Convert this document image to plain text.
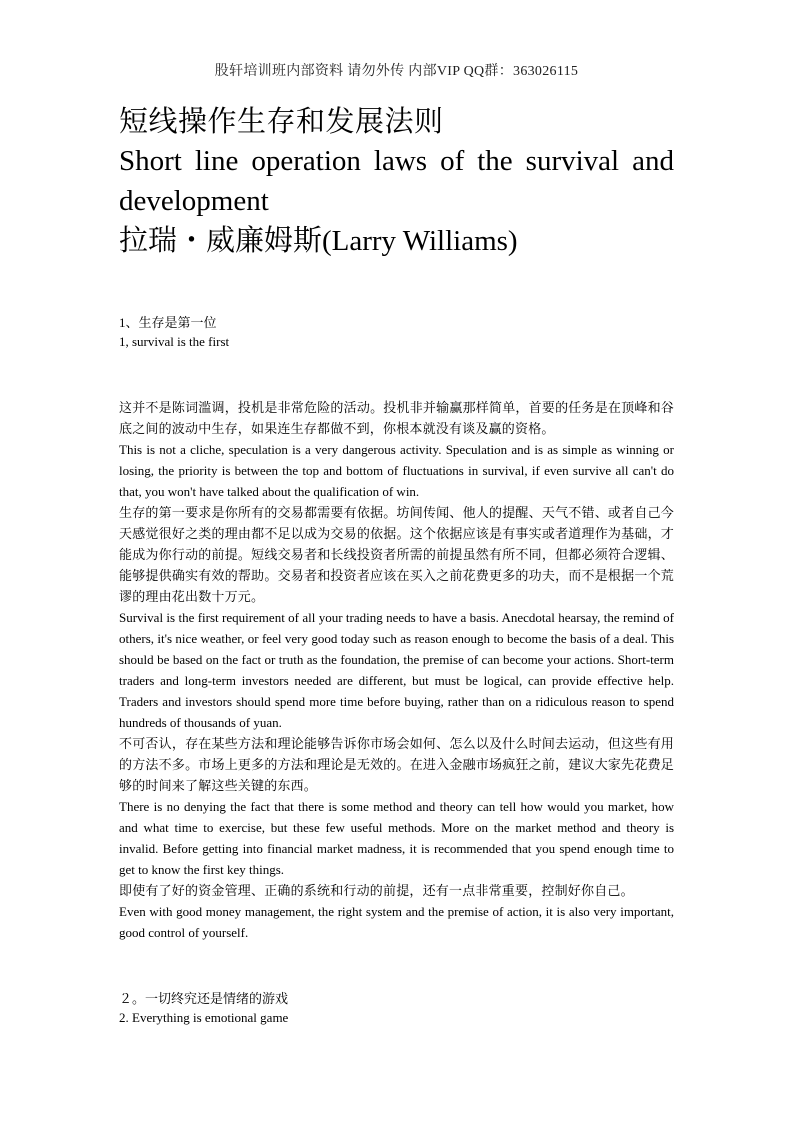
股轩培训班内部资料 请勿外传 内部VIP QQ群：363026115
短线操作生存和发展法则
Short line operation laws of the survival and development
拉瑞・威廉姆斯(Larry Williams)

1、生存是第一位

1, survival is the first

这并不是陈词滥调，投机是非常危险的活动。投机非并输赢那样简单，首要的任务是在顶峰和谷底之间的波动中生存，如果连生存都做不到，你根本就没有谈及赢的资格。

This is not a cliche, speculation is a very dangerous activity. Speculation and is as simple as winning or losing, the priority is between the top and bottom of fluctuations in survival, if even survive all can't do that, you won't have talked about the qualification of win.

生存的第一要求是你所有的交易都需要有依据。坊间传闻、他人的提醒、天气不错、或者自己今天感觉很好之类的理由都不足以成为交易的依据。这个依据应该是有事实或者道理作为基础，才能成为你行动的前提。短线交易者和长线投资者所需的前提虽然有所不同，但都必须符合逻辑、能够提供确实有效的帮助。交易者和投资者应该在买入之前花费更多的功夫，而不是根据一个荒谬的理由花出数十万元。

Survival is the first requirement of all your trading needs to have a basis. Anecdotal hearsay, the remind of others, it's nice weather, or feel very good today such as reason enough to become the basis of a deal. This should be based on the fact or truth as the foundation, the premise of can become your actions. Short-term traders and long-term investors needed are different, but must be logical, can provide effective help. Traders and investors should spend more time before buying, rather than on a ridiculous reason to spend hundreds of thousands of yuan.

不可否认，存在某些方法和理论能够告诉你市场会如何、怎么以及什么时间去运动，但这些有用的方法不多。市场上更多的方法和理论是无效的。在进入金融市场疯狂之前，建议大家先花费足够的时间来了解这些关键的东西。

There is no denying the fact that there is some method and theory can tell how would you market, how and what time to exercise, but these few useful methods. More on the market method and theory is invalid. Before getting into financial market madness, it is recommended that you spend enough time to get to know the first key things.

即使有了好的资金管理、正确的系统和行动的前提，还有一点非常重要，控制好你自己。

Even with good money management, the right system and the premise of action, it is also very important, good control of yourself.

２。一切终究还是情绪的游戏

2. Everything is emotional game
